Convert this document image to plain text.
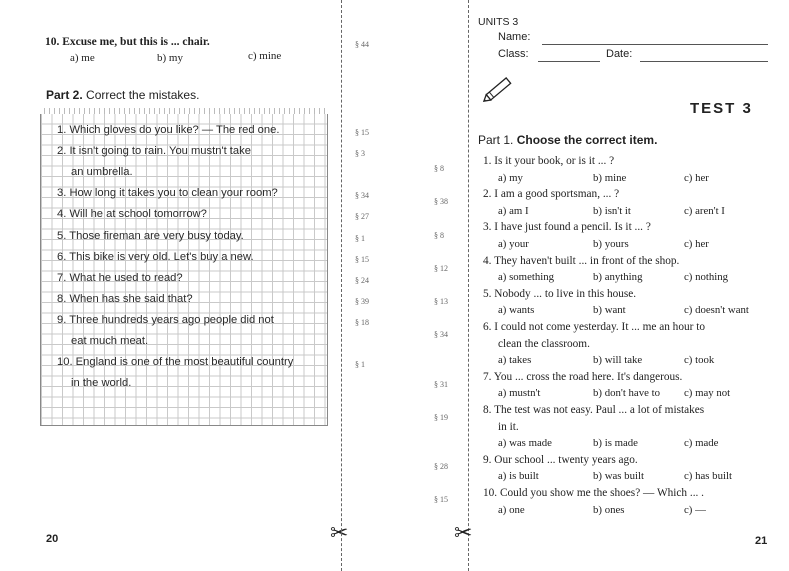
10. Excuse me, but this is ... chair.	§ 44
a) me	b) my	c) mine
Part 2. Correct the mistakes.
1. Which gloves do you like? — The red one.	§ 15
2. It isn't going to rain. You mustn't take
an umbrella.
§ 3
3. How long it takes you to clean your room?	§ 34
4. Will he at school tomorrow?	§ 27
5. Those fireman are very busy today.	§ 1
6. This bike is very old. Let's buy a new.	§ 15
7. What he used to read?	§ 24
8. When has she said that?	§ 39
9. Three hundreds years ago people did not
eat much meat.
§ 18
10. England is one of the most beautiful country
in the world.
§ 1
20	✂
UNITS 3
Name:
Class:	Date:
TEST 3
Part 1. Choose the correct item.
1. Is it your book, or is it ... ?
a) my	b) mine	c) her
2. I am a good sportsman, ... ?
a) am I	b) isn't it	c) aren't I
3. I have just found a pencil. Is it ... ?
a) your	b) yours	c) her
4. They haven't built ... in front of the shop.
a) something	b) anything	c) nothing
5. Nobody ... to live in this house.
a) wants	b) want	c) doesn't want
6. I could not come yesterday. It ... me an hour to
clean the classroom.
a) takes	b) will take	c) took
7. You ... cross the road here. It's dangerous.
a) mustn't	b) don't have to c) may not
8. The test was not easy. Paul ... a lot of mistakes
in it.
a) was made	b) is made	c) made
9. Our school ... twenty years ago.
a) is built	b) was built	c) has built
10. Could you show me the shoes? — Which ... .
a) one	b) ones	c) —
21
✂
§ 8
§ 38
§ 8
§ 12
§ 13
§ 34
§ 31
§ 19
§ 28
§ 15
